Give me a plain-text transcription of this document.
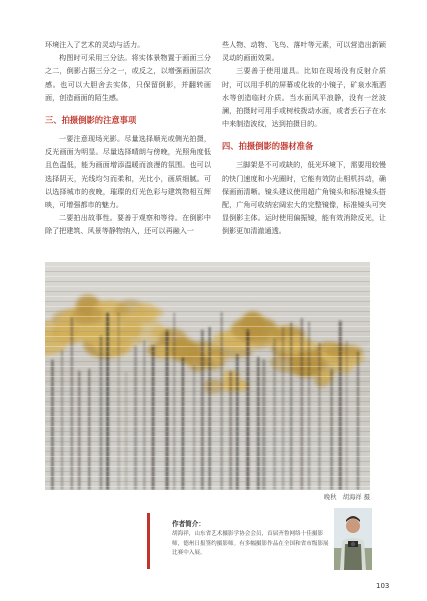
环境注入了艺术的灵动与活力。

构图时可采用三分法。将实体景物置于画面三分之二，倒影占据三分之一，或反之，以增强画面层次感。也可以大胆舍去实体，只保留倒影，并翻转画面，创造画面的陌生感。

三、拍摄倒影的注意事项

一要注意现场光影。尽量选择顺光或侧光拍摄，反光画面为明显。尽量选择晴朗与傍晚，光照角度低且色温低，能为画面增添温暖而浪漫的氛围。也可以选择阴天，光线均匀而柔和，光比小，画质细腻。可以选择城市的夜晚，璀璨的灯光色彩与建筑物相互辉映，可增强都市的魅力。

二要拍出故事性。要善于观察和等待。在倒影中除了把建筑、风景等静物纳入，还可以再融入一

些人物、动物、飞鸟、落叶等元素，可以营造出新颖灵动的画面效果。

三要善于使用道具。比如在现场没有反射介质时，可以用手机的屏幕或化妆的小镜子，矿泉水瓶洒水等创造临时介质。当水面风平浪静，没有一丝波澜，拍摄时可用手或树枝拨动水面，或者丢石子在水中来制造波纹，达到拍摄目的。

四、拍摄倒影的器材准备

三脚架是不可或缺的，低光环境下，需要用较慢的快门速度和小光圈时，它能有效防止相机抖动，确保画面清晰。镜头建议使用超广角镜头和标准镜头搭配，广角可收纳宏阔宏大的完整镜像，标准镜头可突显倒影主体。运时使用偏振镜，能有效消除反光，让倒影更加清澈通透。

晚秋　胡海祥 摄
作者简介：
胡海祥，山东省艺术摄影学协会会员，首届齐鲁网络十佳摄影师，德州日报签约摄影师。有多幅摄影作品在全国和省市级影展比赛中入展。
103
